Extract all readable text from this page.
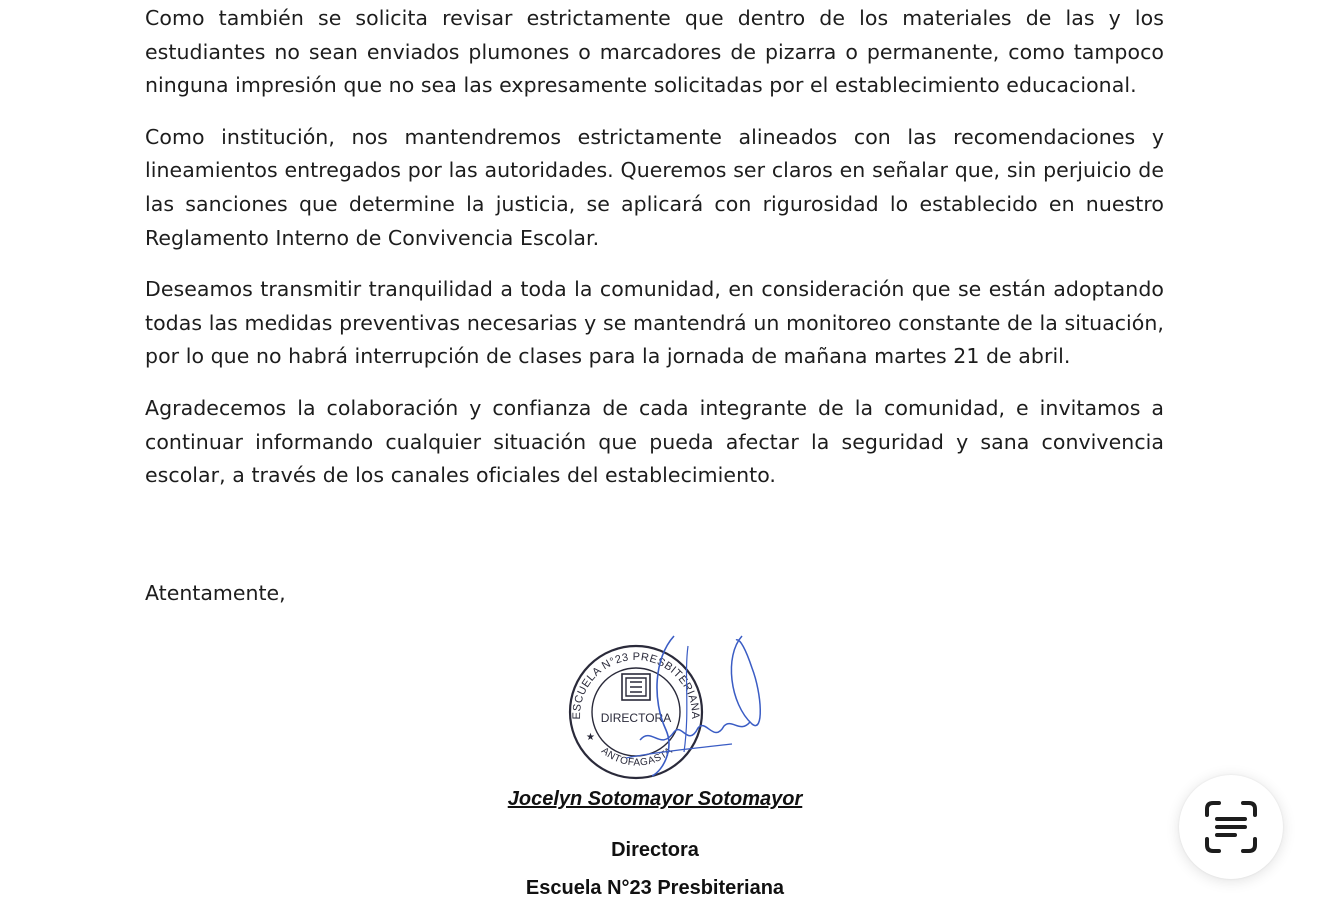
Como también se solicita revisar estrictamente que dentro de los materiales de las y los estudiantes no sean enviados plumones o marcadores de pizarra o permanente, como tampoco ninguna impresión que no sea las expresamente solicitadas por el establecimiento educacional.

Como institución, nos mantendremos estrictamente alineados con las recomendaciones y lineamientos entregados por las autoridades. Queremos ser claros en señalar que, sin perjuicio de las sanciones que determine la justicia, se aplicará con rigurosidad lo establecido en nuestro Reglamento Interno de Convivencia Escolar.

Deseamos transmitir tranquilidad a toda la comunidad, en consideración que se están adoptando todas las medidas preventivas necesarias y se mantendrá un monitoreo constante de la situación, por lo que no habrá interrupción de clases para la jornada de mañana martes 21 de abril.

Agradecemos la colaboración y confianza de cada integrante de la comunidad, e invitamos a continuar informando cualquier situación que pueda afectar la seguridad y sana convivencia escolar, a través de los canales oficiales del establecimiento.

Atentamente,
ESCUELA N°23 PRESBITERIANA
ANTOFAGASTA
DIRECTORA
★
Jocelyn Sotomayor Sotomayor
Directora
Escuela N°23 Presbiteriana
